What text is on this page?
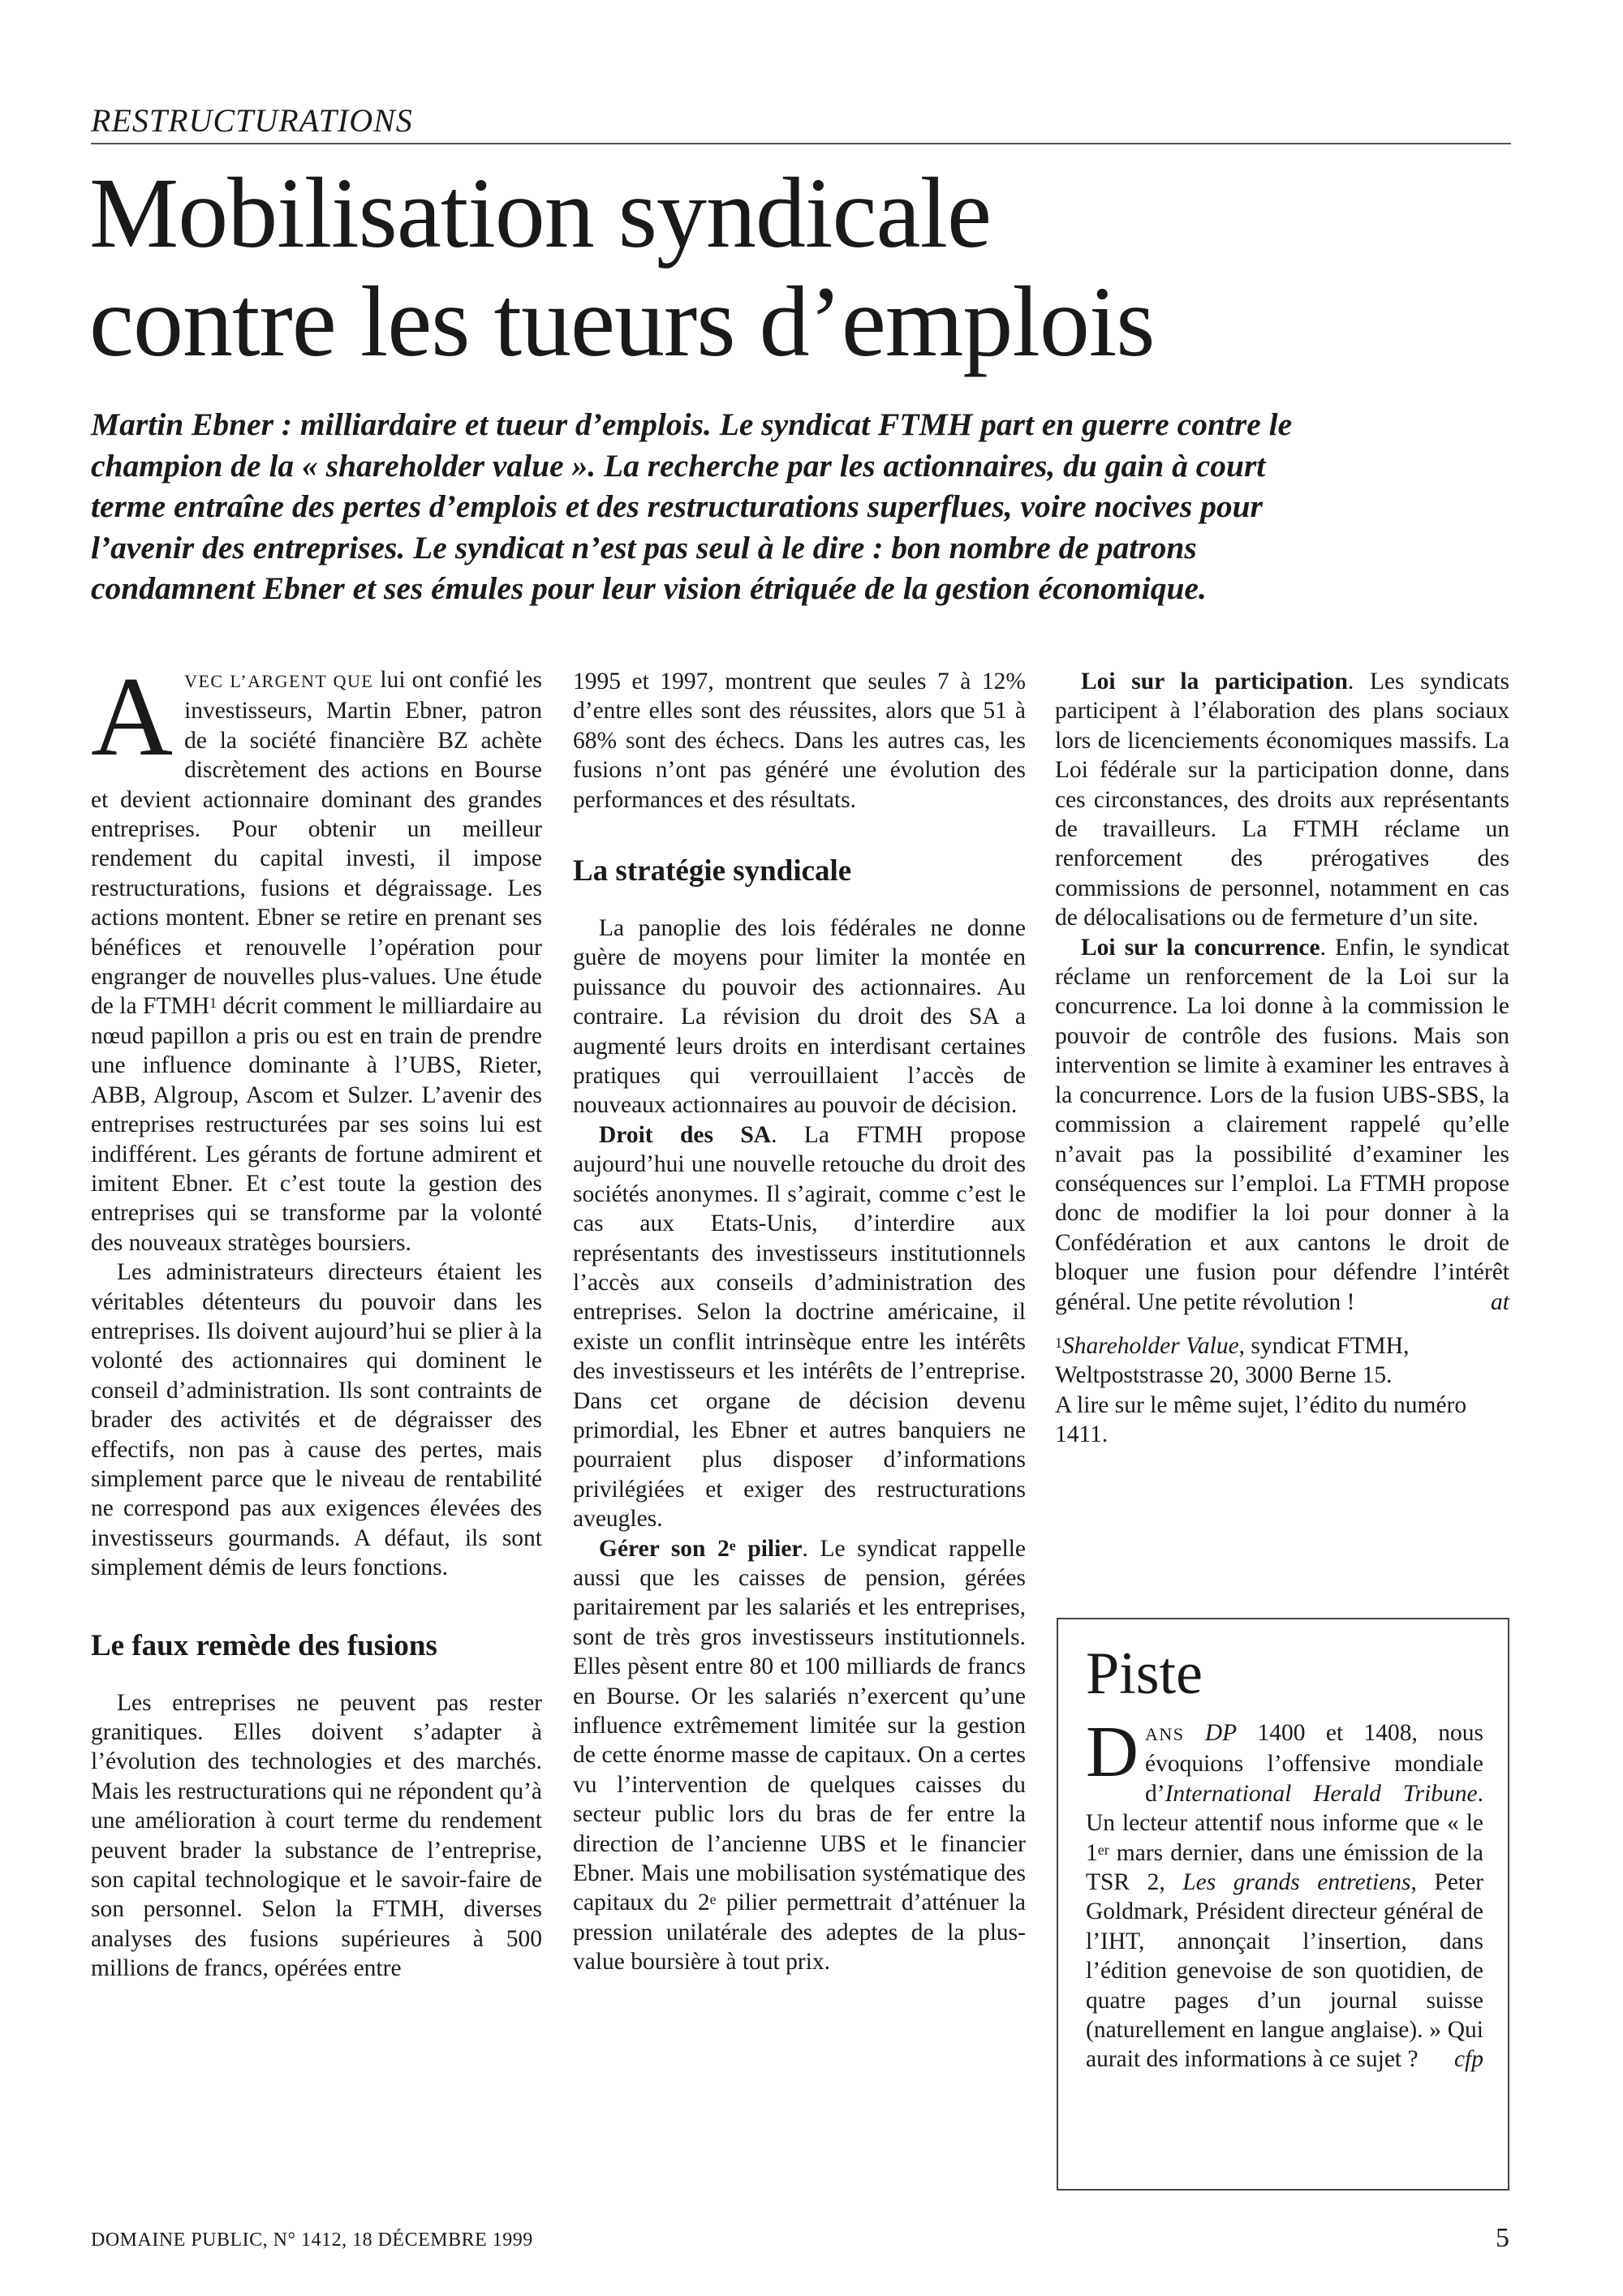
RESTRUCTURATIONS
Mobilisation syndicale
contre les tueurs d’emplois

Martin Ebner : milliardaire et tueur d’emplois. Le syndicat FTMH part en guerre contre le champion de la « shareholder value ». La recherche par les actionnaires, du gain à court terme entraîne des pertes d’emplois et des restructurations superflues, voire nocives pour l’avenir des entreprises. Le syndicat n’est pas seul à le dire : bon nombre de patrons condamnent Ebner et ses émules pour leur vision étriquée de la gestion économique.

AVEC L’ARGENT QUE lui ont confié les investisseurs, Martin Ebner, patron de la société financière BZ achète discrètement des actions en Bourse et devient actionnaire dominant des grandes entreprises. Pour obtenir un meilleur rendement du capital investi, il impose restructurations, fusions et dégraissage. Les actions montent. Ebner se retire en prenant ses bénéfices et renouvelle l’opération pour engranger de nouvelles plus-values. Une étude de la FTMH$^1$ décrit comment le milliardaire au nœud papillon a pris ou est en train de prendre une influence dominante à l’UBS, Rieter, ABB, Algroup, Ascom et Sulzer. L’avenir des entreprises restructurées par ses soins lui est indifférent. Les gérants de fortune admirent et imitent Ebner. Et c’est toute la gestion des entreprises qui se transforme par la volonté des nouveaux stratèges boursiers.

Les administrateurs directeurs étaient les véritables détenteurs du pouvoir dans les entreprises. Ils doivent aujourd’hui se plier à la volonté des actionnaires qui dominent le conseil d’administration. Ils sont contraints de brader des activités et de dégraisser des effectifs, non pas à cause des pertes, mais simplement parce que le niveau de rentabilité ne correspond pas aux exigences élevées des investisseurs gourmands. A défaut, ils sont simplement démis de leurs fonctions.

Le faux remède des fusions

Les entreprises ne peuvent pas rester granitiques. Elles doivent s’adapter à l’évolution des technologies et des marchés. Mais les restructurations qui ne répondent qu’à une amélioration à court terme du rendement peuvent brader la substance de l’entreprise, son capital technologique et le savoir-faire de son personnel. Selon la FTMH, diverses analyses des fusions supérieures à 500 millions de francs, opérées entre

1995 et 1997, montrent que seules 7 à 12% d’entre elles sont des réussites, alors que 51 à 68% sont des échecs. Dans les autres cas, les fusions n’ont pas généré une évolution des performances et des résultats.

La stratégie syndicale

La panoplie des lois fédérales ne donne guère de moyens pour limiter la montée en puissance du pouvoir des actionnaires. Au contraire. La révision du droit des SA a augmenté leurs droits en interdisant certaines pratiques qui verrouillaient l’accès de nouveaux actionnaires au pouvoir de décision.

Droit des SA. La FTMH propose aujourd’hui une nouvelle retouche du droit des sociétés anonymes. Il s’agirait, comme c’est le cas aux Etats-Unis, d’interdire aux représentants des investisseurs institutionnels l’accès aux conseils d’administration des entreprises. Selon la doctrine américaine, il existe un conflit intrinsèque entre les intérêts des investisseurs et les intérêts de l’entreprise. Dans cet organe de décision devenu primordial, les Ebner et autres banquiers ne pourraient plus disposer d’informations privilégiées et exiger des restructurations aveugles.

Gérer son 2e pilier. Le syndicat rappelle aussi que les caisses de pension, gérées paritairement par les salariés et les entreprises, sont de très gros investisseurs institutionnels. Elles pèsent entre 80 et 100 milliards de francs en Bourse. Or les salariés n’exercent qu’une influence extrêmement limitée sur la gestion de cette énorme masse de capitaux. On a certes vu l’intervention de quelques caisses du secteur public lors du bras de fer entre la direction de l’ancienne UBS et le financier Ebner. Mais une mobilisation systématique des capitaux du 2e pilier permettrait d’atténuer la pression unilatérale des adeptes de la plus-value boursière à tout prix.

Loi sur la participation. Les syndicats participent à l’élaboration des plans sociaux lors de licenciements économiques massifs. La Loi fédérale sur la participation donne, dans ces circonstances, des droits aux représentants de travailleurs. La FTMH réclame un renforcement des prérogatives des commissions de personnel, notamment en cas de délocalisations ou de fermeture d’un site.

Loi sur la concurrence. Enfin, le syndicat réclame un renforcement de la Loi sur la concurrence. La loi donne à la commission le pouvoir de contrôle des fusions. Mais son intervention se limite à examiner les entraves à la concurrence. Lors de la fusion UBS-SBS, la commission a clairement rappelé qu’elle n’avait pas la possibilité d’examiner les conséquences sur l’emploi. La FTMH propose donc de modifier la loi pour donner à la Confédération et aux cantons le droit de bloquer une fusion pour défendre l’intérêt général. Une petite révolution !	at

$^1$Shareholder Value, syndicat FTMH, Weltpoststrasse 20, 3000 Berne 15.

A lire sur le même sujet, l’édito du numéro 1411.

Piste

DANS DP 1400 et 1408, nous évoquions l’offensive mondiale d’International Herald Tribune. Un lecteur attentif nous informe que « le 1er mars dernier, dans une émission de la TSR 2, Les grands entretiens, Peter Goldmark, Président directeur général de l’IHT, annonçait l’insertion, dans l’édition genevoise de son quotidien, de quatre pages d’un journal suisse (naturellement en langue anglaise). » Qui aurait des informations à ce sujet ? cfp

DOMAINE PUBLIC, N° 1412, 18 DÉCEMBRE 1999	5
